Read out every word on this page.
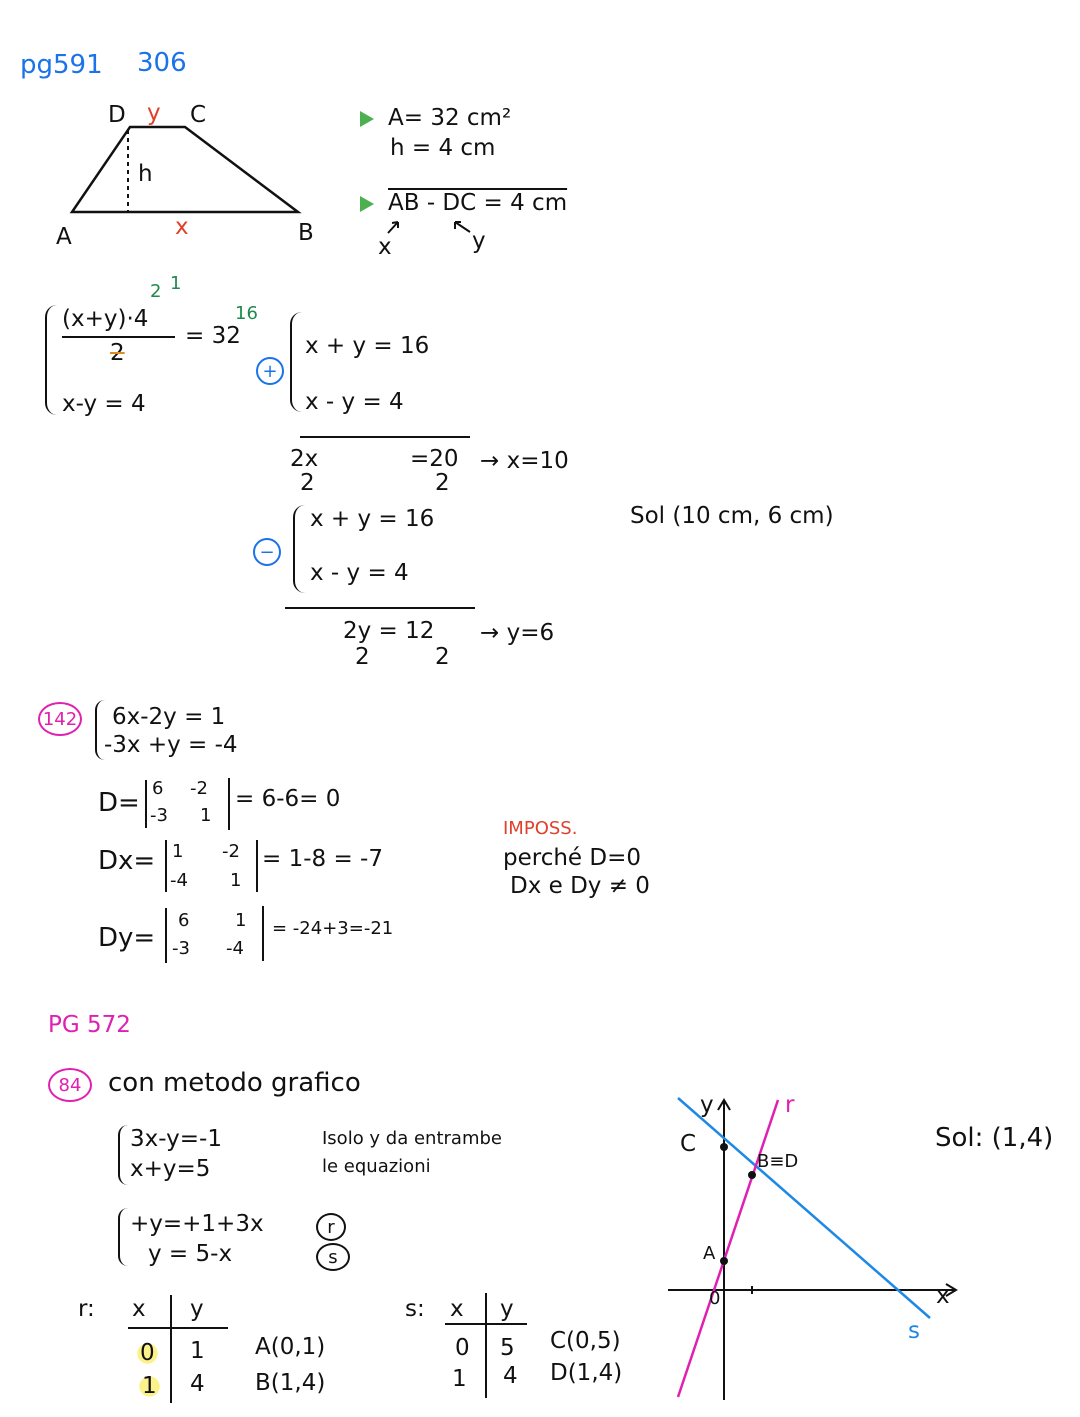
pg591 306
D y C
h
A	x	B
A= 32 cm²
h = 4 cm
AB - DC = 4 cm
x	y
(x+y)·4
2 1
2
= 32
16
x-y = 4
+
x + y = 16
x - y = 4
2x
2
=20
2
→ x=10
−
x + y = 16
x - y = 4
2y = 12
2	2
→ y=6
Sol (10 cm, 6 cm)
142 6x-2y = 1
-3x +y = -4
D= 6 -2
-3 1
= 6-6= 0
Dx= 1 -2
-4 1
= 1-8 = -7
Dy=
6	1
-3 -4
= -24+3=-21
IMPOSS.
perché D=0
Dx e Dy ≠ 0
PG 572
84 con metodo grafico
3x-y=-1
x+y=5
Isolo y da entrambe
le equazioni
+y=+1+3x
y = 5-x
r
s
r: x y
0 1
1 4
A(0,1)
B(1,4)
s: x y
0 5
1 4
C(0,5)
D(1,4)
y
x
0
r
s
C
B≡D
A
Sol: (1,4)
